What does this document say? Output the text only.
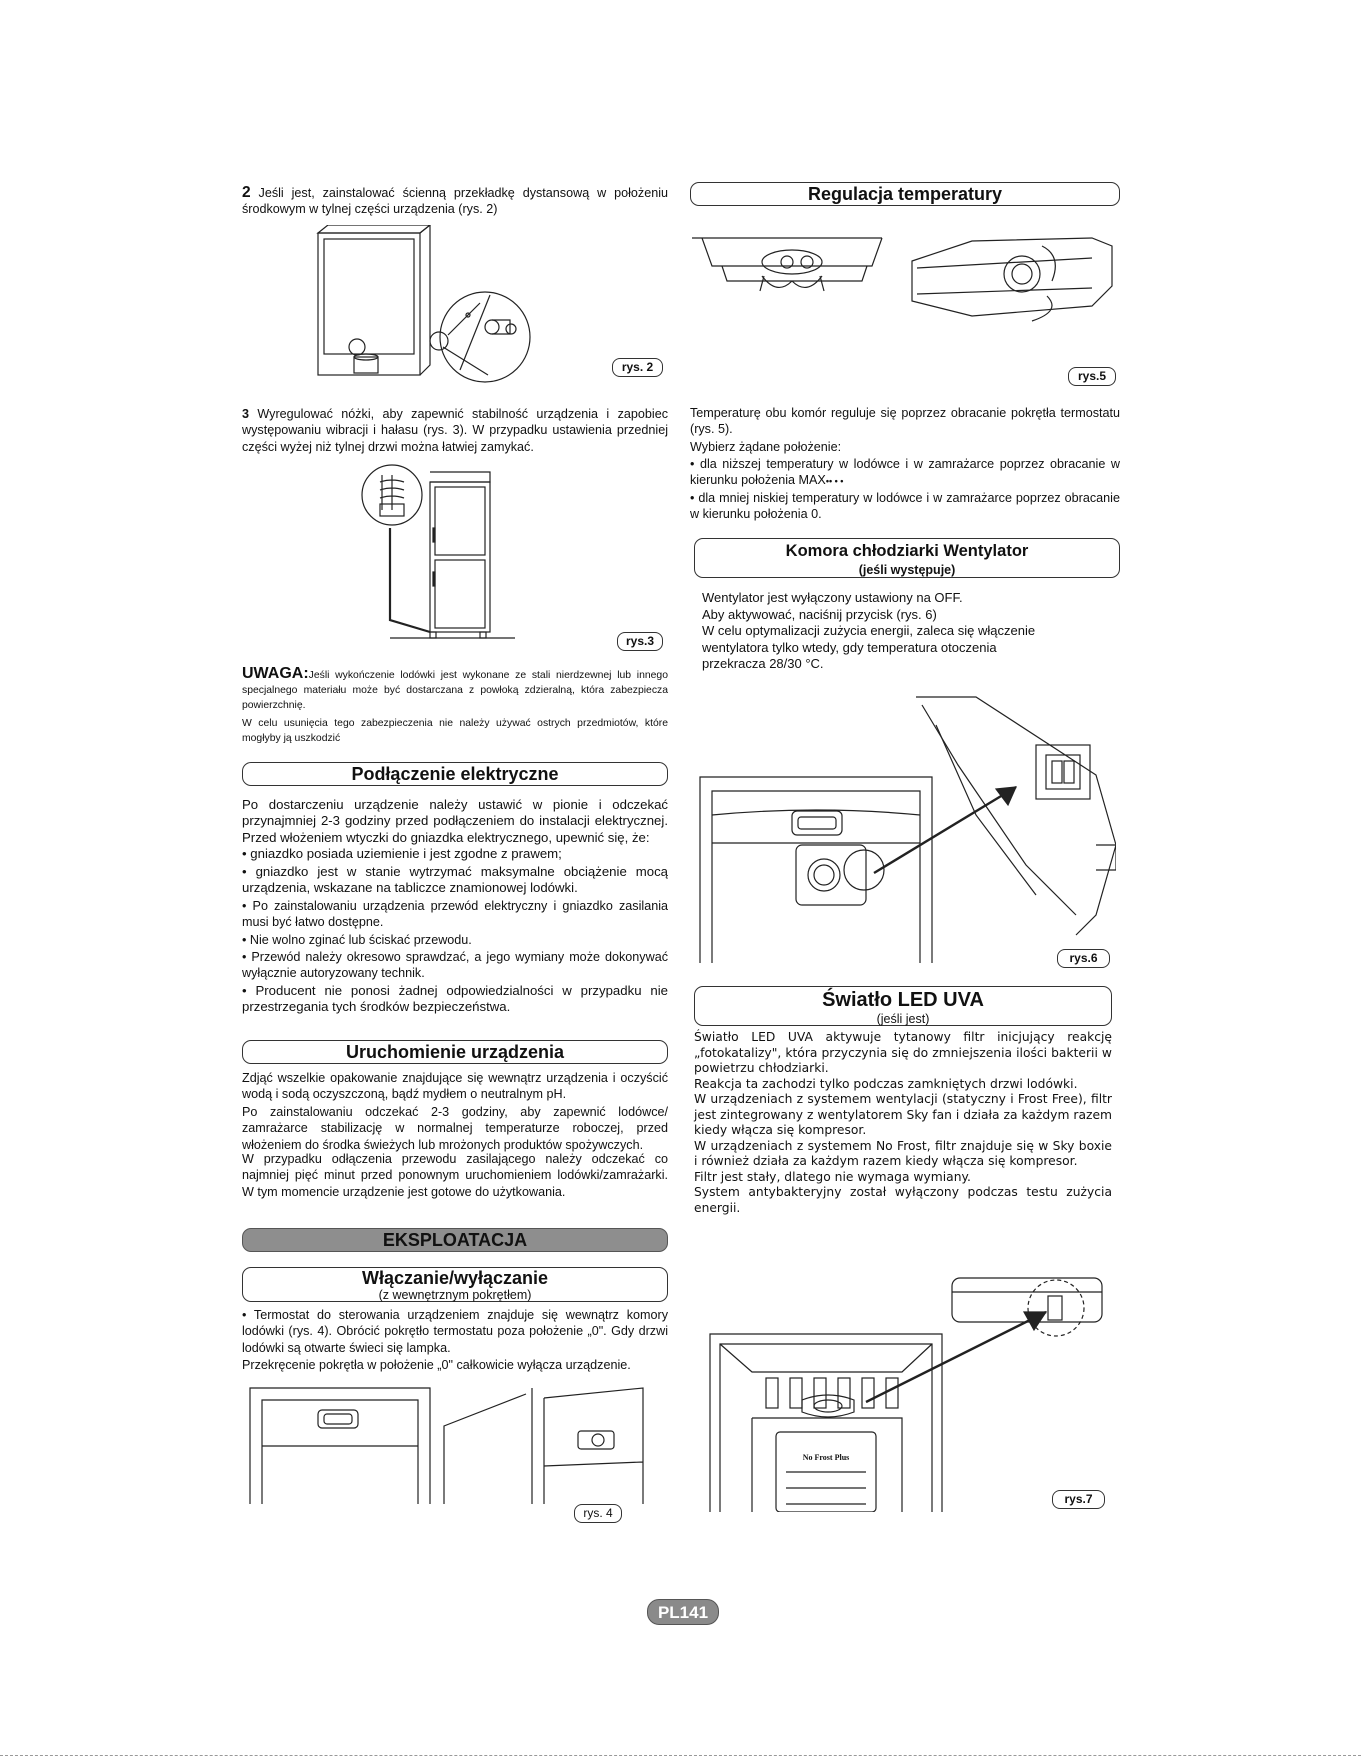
2 Jeśli jest, zainstalować ścienną przekładkę dystansową w położeniu środkowym w tylnej części urządzenia (rys. 2)

rys. 2

3 Wyregulować nóżki, aby zapewnić stabilność urządzenia i zapobiec występowaniu wibracji i hałasu (rys. 3). W przypadku ustawienia przedniej części wyżej niż tylnej drzwi można łatwiej zamykać.

rys.3

UWAGA:Jeśli wykończenie lodówki jest wykonane ze stali nierdzewnej lub innego specjalnego materiału może być dostarczana z powłoką zdzieralną, która zabezpiecza powierzchnię.

W celu usunięcia tego zabezpieczenia nie należy używać ostrych przedmiotów, które mogłyby ją uszkodzić

Podłączenie elektryczne

Po dostarczeniu urządzenie należy ustawić w pionie i odczekać przynajmniej 2-3 godziny przed podłączeniem do instalacji elektrycznej. Przed włożeniem wtyczki do gniazdka elektrycznego, upewnić się, że:

• gniazdko posiada uziemienie i jest zgodne z prawem;

• gniazdko jest w stanie wytrzymać maksymalne obciążenie mocą urządzenia, wskazane na tabliczce znamionowej lodówki.

• Po zainstalowaniu urządzenia przewód elektryczny i gniazdko zasilania musi być łatwo dostępne.

• Nie wolno zginać lub ściskać przewodu.

• Przewód należy okresowo sprawdzać, a jego wymiany może dokonywać wyłącznie autoryzowany technik.

• Producent nie ponosi żadnej odpowiedzialności w przypadku nie przestrzegania tych środków bezpieczeństwa.

Uruchomienie urządzenia

Zdjąć wszelkie opakowanie znajdujące się wewnątrz urządzenia i oczyścić wodą i sodą oczyszczoną, bądź mydłem o neutralnym pH.

Po zainstalowaniu odczekać 2-3 godziny, aby zapewnić lodówce/ zamrażarce stabilizację w normalnej temperaturze roboczej, przed włożeniem do środka świeżych lub mrożonych produktów spożywczych.

W przypadku odłączenia przewodu zasilającego należy odczekać co najmniej pięć minut przed ponownym uruchomieniem lodówki/zamrażarki. W tym momencie urządzenie jest gotowe do użytkowania.

EKSPLOATACJA
Włączanie/wyłączanie
(z wewnętrznym pokrętłem)

• Termostat do sterowania urządzeniem znajduje się wewnątrz komory lodówki (rys. 4). Obrócić pokrętło termostatu poza położenie „0". Gdy drzwi lodówki są otwarte świeci się lampka.

Przekręcenie pokrętła w położenie „0" całkowicie wyłącza urządzenie.

rys. 4
Regulacja temperatury
rys.5

Temperaturę obu komór reguluje się poprzez obracanie pokrętła termostatu (rys. 5).

Wybierz żądane położenie:

• dla niższej temperatury w lodówce i w zamrażarce poprzez obracanie w kierunku położenia MAX•• • •

• dla mniej niskiej temperatury w lodówce i w zamrażarce poprzez obracanie w kierunku położenia 0.

Komora chłodziarki Wentylator
(jeśli występuje)
Wentylator jest wyłączony ustawiony na OFF.
Aby aktywować, naciśnij przycisk (rys. 6)
W celu optymalizacji zużycia energii, zaleca się włączenie
wentylatora tylko wtedy, gdy temperatura otoczenia
przekracza 28/30 °C.
rys.6
Światło LED UVA
(jeśli jest)
Światło LED UVA aktywuje tytanowy filtr inicjujący reakcję „fotokatalizy", która przyczynia się do zmniejszenia ilości bakterii w powietrzu chłodziarki.
Reakcja ta zachodzi tylko podczas zamkniętych drzwi lodówki.
W urządzeniach z systemem wentylacji (statyczny i Frost Free), filtr jest zintegrowany z wentylatorem Sky fan i działa za każdym razem kiedy włącza się kompresor.
W urządzeniach z systemem No Frost, filtr znajduje się w Sky boxie i również działa za każdym razem kiedy włącza się kompresor.
Filtr jest stały, dlatego nie wymaga wymiany.
System antybakteryjny został wyłączony podczas testu zużycia energii.
No Frost Plus
rys.7
PL141
